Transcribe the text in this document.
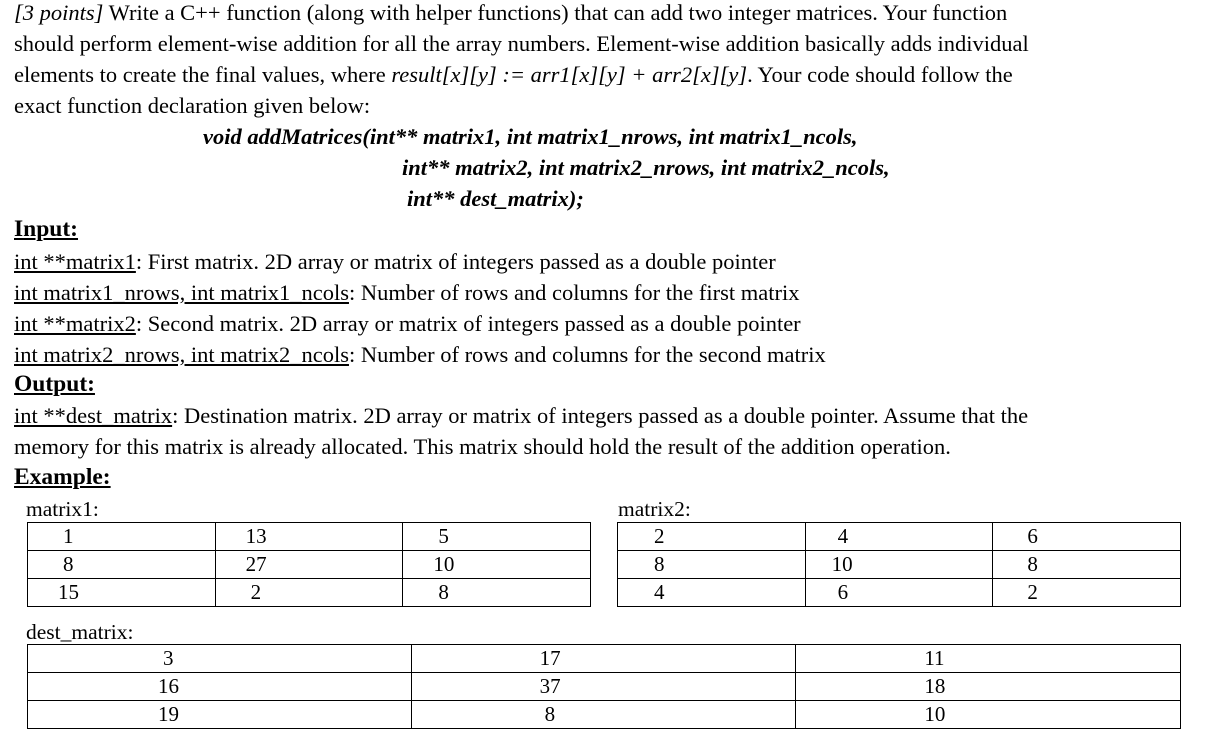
[3 points] Write a C++ function (along with helper functions) that can add two integer matrices. Your function
should perform element-wise addition for all the array numbers. Element-wise addition basically adds individual
elements to create the final values, where result[x][y] := arr1[x][y] + arr2[x][y]. Your code should follow the
exact function declaration given below:
void addMatrices(int** matrix1, int matrix1_nrows, int matrix1_ncols,
int** matrix2, int matrix2_nrows, int matrix2_ncols,
int** dest_matrix);
Input:
int **matrix1: First matrix. 2D array or matrix of integers passed as a double pointer
int matrix1_nrows, int matrix1_ncols: Number of rows and columns for the first matrix
int **matrix2: Second matrix. 2D array or matrix of integers passed as a double pointer
int matrix2_nrows, int matrix2_ncols: Number of rows and columns for the second matrix
Output:
int **dest_matrix: Destination matrix. 2D array or matrix of integers passed as a double pointer. Assume that the
memory for this matrix is already allocated. This matrix should hold the result of the addition operation.
Example:
matrix1:	matrix2:
1	13	5
8	27	10
15	2	8
2	4	6
8	10	8
4	6	2
dest_matrix:
3	17	11
16	37	18
19	8	10
